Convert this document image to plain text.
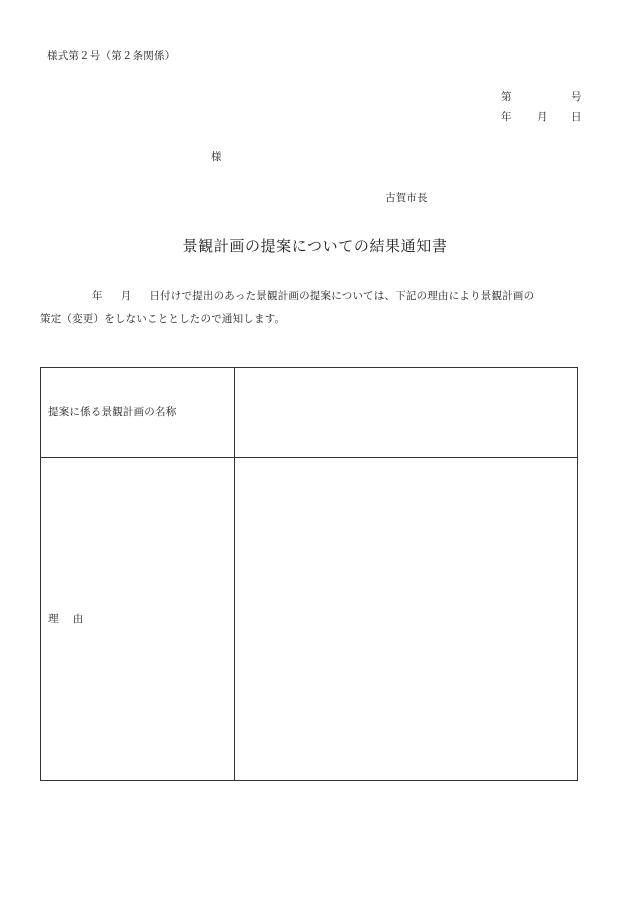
様式第２号（第２条関係）
第	号
年 月 日
様
古賀市長
景観計画の提案についての結果通知書
年 月 日付けで提出のあった景観計画の提案については、下記の理由により景観計画の
策定（変更）をしないこととしたので通知します。
提案に係る景観計画の名称	
理 由	
